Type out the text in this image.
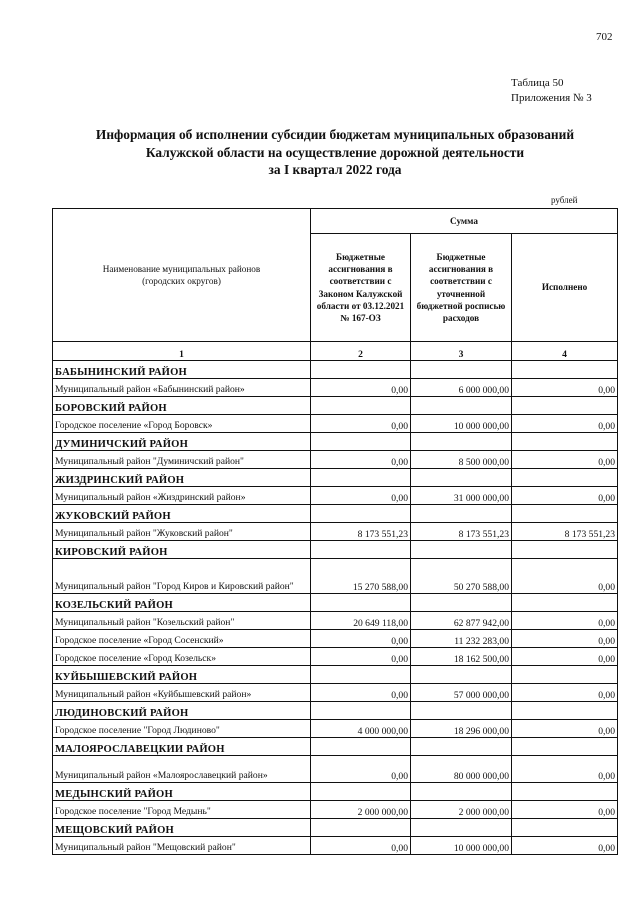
702
Таблица 50
Приложения № 3
Информация об исполнении субсидии бюджетам муниципальных образований
Калужской области на осуществление дорожной деятельности
за I квартал 2022 года
рублей
Наименование муниципальных районов (городских округов)	Сумма		
	Бюджетные ассигнования в соответствии с Законом Калужской области от 03.12.2021 № 167-ОЗ	Бюджетные ассигнования в соответствии с уточненной бюджетной росписью расходов	Исполнено
1	2	3	4
БАБЫНИНСКИЙ РАЙОН			
Муниципальный район «Бабынинский район»	0,00	6 000 000,00	0,00
БОРОВСКИЙ РАЙОН			
Городское поселение «Город Боровск»	0,00	10 000 000,00	0,00
ДУМИНИЧСКИЙ РАЙОН			
Муниципальный район "Думиничский район"	0,00	8 500 000,00	0,00
ЖИЗДРИНСКИЙ РАЙОН			
Муниципальный район «Жиздринский район»	0,00	31 000 000,00	0,00
ЖУКОВСКИЙ РАЙОН			
Муниципальный район "Жуковский район"	8 173 551,23	8 173 551,23	8 173 551,23
КИРОВСКИЙ РАЙОН			
Муниципальный район "Город Киров и Кировский район"	15 270 588,00	50 270 588,00	0,00
КОЗЕЛЬСКИЙ РАЙОН			
Муниципальный район "Козельский район"	20 649 118,00	62 877 942,00	0,00
Городское поселение «Город Сосенский»	0,00	11 232 283,00	0,00
Городское поселение «Город Козельск»	0,00	18 162 500,00	0,00
КУЙБЫШЕВСКИЙ РАЙОН			
Муниципальный район «Куйбышевский район»	0,00	57 000 000,00	0,00
ЛЮДИНОВСКИЙ РАЙОН			
Городское поселение "Город Людиново"	4 000 000,00	18 296 000,00	0,00
МАЛОЯРОСЛАВЕЦКИИ РАЙОН			
Муниципальный район «Малоярославецкий район»	0,00	80 000 000,00	0,00
МЕДЫНСКИЙ РАЙОН			
Городское поселение "Город Медынь"	2 000 000,00	2 000 000,00	0,00
МЕЩОВСКИЙ РАЙОН			
Муниципальный район "Мещовский район"	0,00	10 000 000,00	0,00
